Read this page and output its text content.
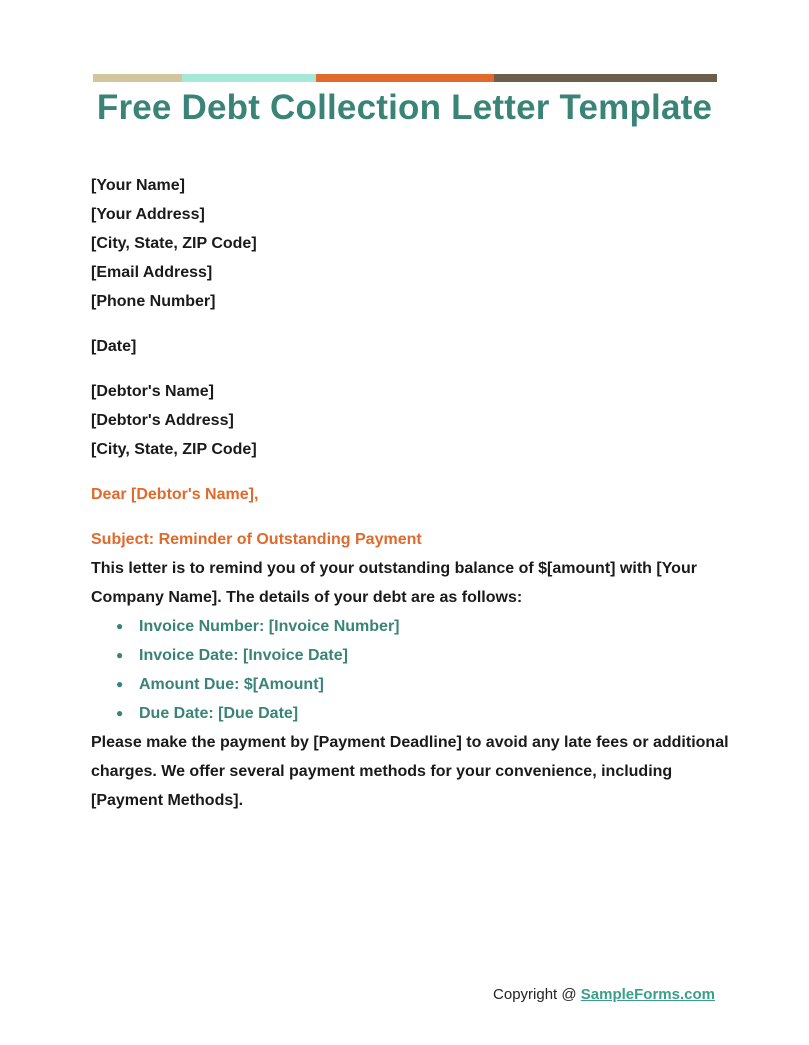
Free Debt Collection Letter Template
[Your Name]
[Your Address]
[City, State, ZIP Code]
[Email Address]
[Phone Number]
[Date]
[Debtor's Name]
[Debtor's Address]
[City, State, ZIP Code]
Dear [Debtor's Name],
Subject: Reminder of Outstanding Payment

This letter is to remind you of your outstanding balance of $[amount] with [Your Company Name]. The details of your debt are as follows:

● Invoice Number: [Invoice Number]
● Invoice Date: [Invoice Date]
● Amount Due: $[Amount]
● Due Date: [Due Date]

Please make the payment by [Payment Deadline] to avoid any late fees or additional charges. We offer several payment methods for your convenience, including [Payment Methods].

Copyright @ SampleForms.com
